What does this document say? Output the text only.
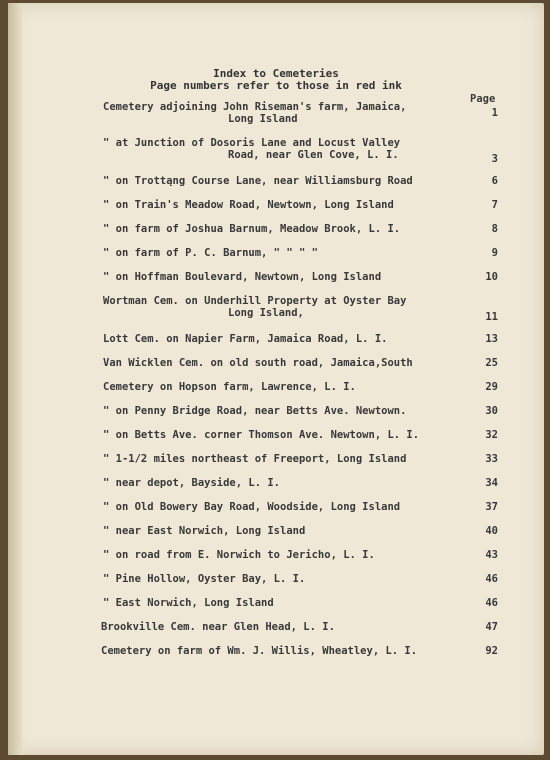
Index to Cemeteries
Page numbers refer to those in red ink
Page
Cemetery adjoining John Riseman's farm, Jamaica,
Long Island	1
" at Junction of Dosoris Lane and Locust Valley
Road, near Glen Cove, L. I.	3
" on Trottąng Course Lane, near Williamsburg Road	6
" on Train's Meadow Road, Newtown, Long Island	7
" on farm of Joshua Barnum, Meadow Brook, L. I.	8
" on farm of P. C. Barnum, " " " "	9
" on Hoffman Boulevard, Newtown, Long Island	10
Wortman Cem. on Underhill Property at Oyster Bay
Long Island,	11
Lott Cem. on Napier Farm, Jamaica Road, L. I.	13
Van Wicklen Cem. on old south road, Jamaica,South	25
Cemetery on Hopson farm, Lawrence, L. I.	29
" on Penny Bridge Road, near Betts Ave. Newtown.	30
" on Betts Ave. corner Thomson Ave. Newtown, L. I.	32
" 1-1/2 miles northeast of Freeport, Long Island	33
" near depot, Bayside, L. I.	34
" on Old Bowery Bay Road, Woodside, Long Island	37
" near East Norwich, Long Island	40
" on road from E. Norwich to Jericho, L. I.	43
" Pine Hollow, Oyster Bay, L. I.	46
" East Norwich, Long Island	46
Brookville Cem. near Glen Head, L. I.	47
Cemetery on farm of Wm. J. Willis, Wheatley, L. I.	92
